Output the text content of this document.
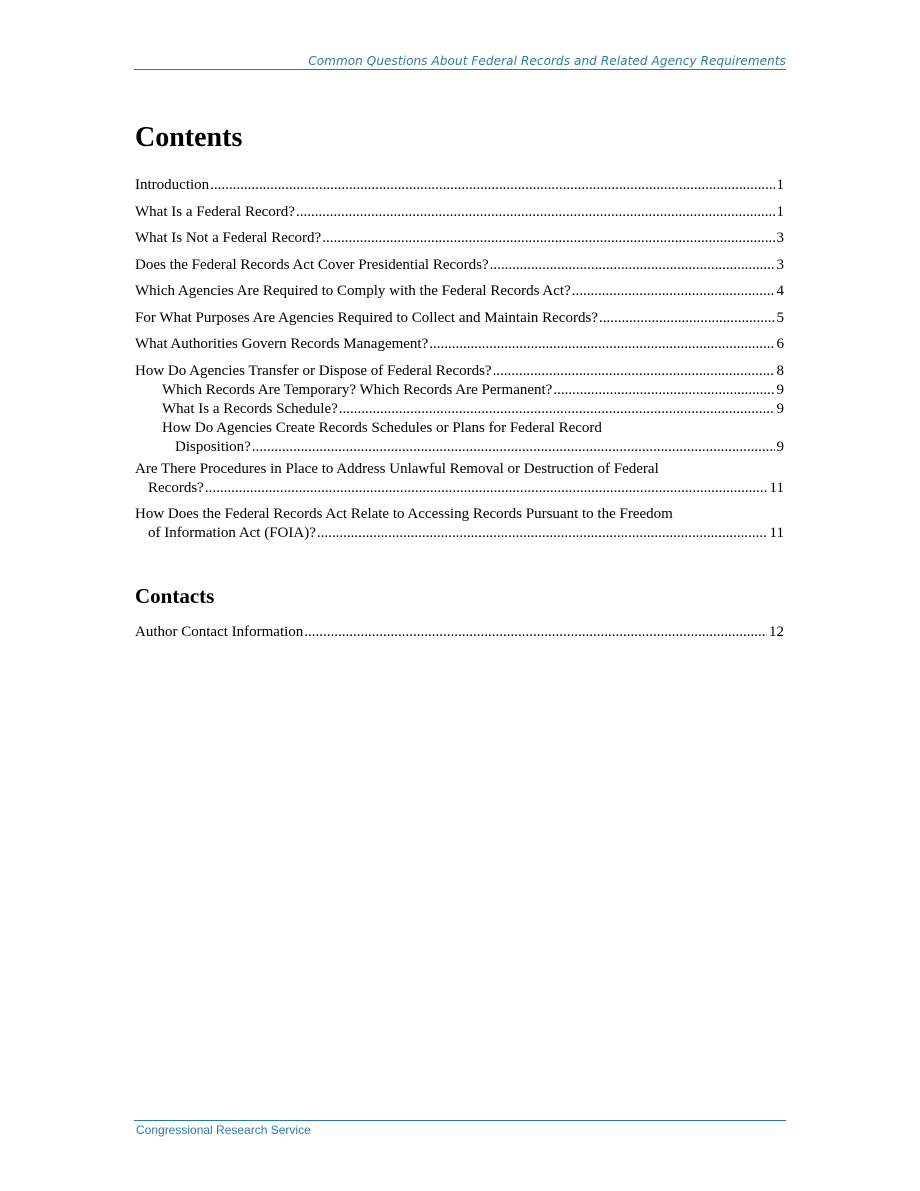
Common Questions About Federal Records and Related Agency Requirements
Contents
Introduction .....	1
What Is a Federal Record? .....	1
What Is Not a Federal Record? .....	3
Does the Federal Records Act Cover Presidential Records? .....	3
Which Agencies Are Required to Comply with the Federal Records Act? .....	4
For What Purposes Are Agencies Required to Collect and Maintain Records? .....	5
What Authorities Govern Records Management? .....	6
How Do Agencies Transfer or Dispose of Federal Records? .....	8
Which Records Are Temporary? Which Records Are Permanent? .....	9
What Is a Records Schedule? .....	9
How Do Agencies Create Records Schedules or Plans for Federal Record
Disposition? .....	9
Are There Procedures in Place to Address Unlawful Removal or Destruction of Federal
Records? .....	11
How Does the Federal Records Act Relate to Accessing Records Pursuant to the Freedom
of Information Act (FOIA)? .....	11
Contacts
Author Contact Information .....	12
Congressional Research Service
